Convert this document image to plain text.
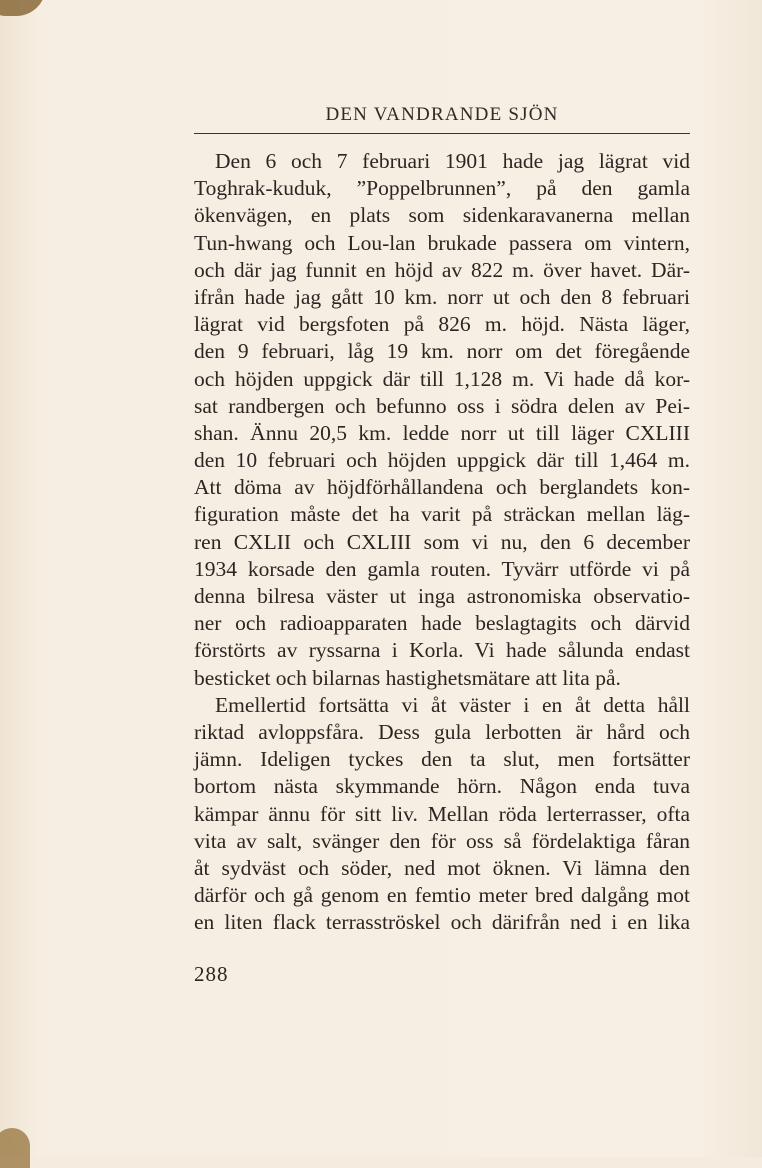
DEN VANDRANDE SJÖN
Den 6 och 7 februari 1901 hade jag lägrat vid
Toghrak-kuduk, ”Poppelbrunnen”, på den gamla
ökenvägen, en plats som sidenkaravanerna mellan
Tun-hwang och Lou-lan brukade passera om vintern,
och där jag funnit en höjd av 822 m. över havet. Där-
ifrån hade jag gått 10 km. norr ut och den 8 februari
lägrat vid bergsfoten på 826 m. höjd. Nästa läger,
den 9 februari, låg 19 km. norr om det föregående
och höjden uppgick där till 1,128 m. Vi hade då kor-
sat randbergen och befunno oss i södra delen av Pei-
shan. Ännu 20,5 km. ledde norr ut till läger CXLIII
den 10 februari och höjden uppgick där till 1,464 m.
Att döma av höjdförhållandena och berglandets kon-
figuration måste det ha varit på sträckan mellan läg-
ren CXLII och CXLIII som vi nu, den 6 december
1934 korsade den gamla routen. Tyvärr utförde vi på
denna bilresa väster ut inga astronomiska observatio-
ner och radioapparaten hade beslagtagits och därvid
förstörts av ryssarna i Korla. Vi hade sålunda endast
besticket och bilarnas hastighetsmätare att lita på.
Emellertid fortsätta vi åt väster i en åt detta håll
riktad avloppsfåra. Dess gula lerbotten är hård och
jämn. Ideligen tyckes den ta slut, men fortsätter
bortom nästa skymmande hörn. Någon enda tuva
kämpar ännu för sitt liv. Mellan röda lerterrasser, ofta
vita av salt, svänger den för oss så fördelaktiga fåran
åt sydväst och söder, ned mot öknen. Vi lämna den
därför och gå genom en femtio meter bred dalgång mot
en liten flack terrasströskel och därifrån ned i en lika
288
